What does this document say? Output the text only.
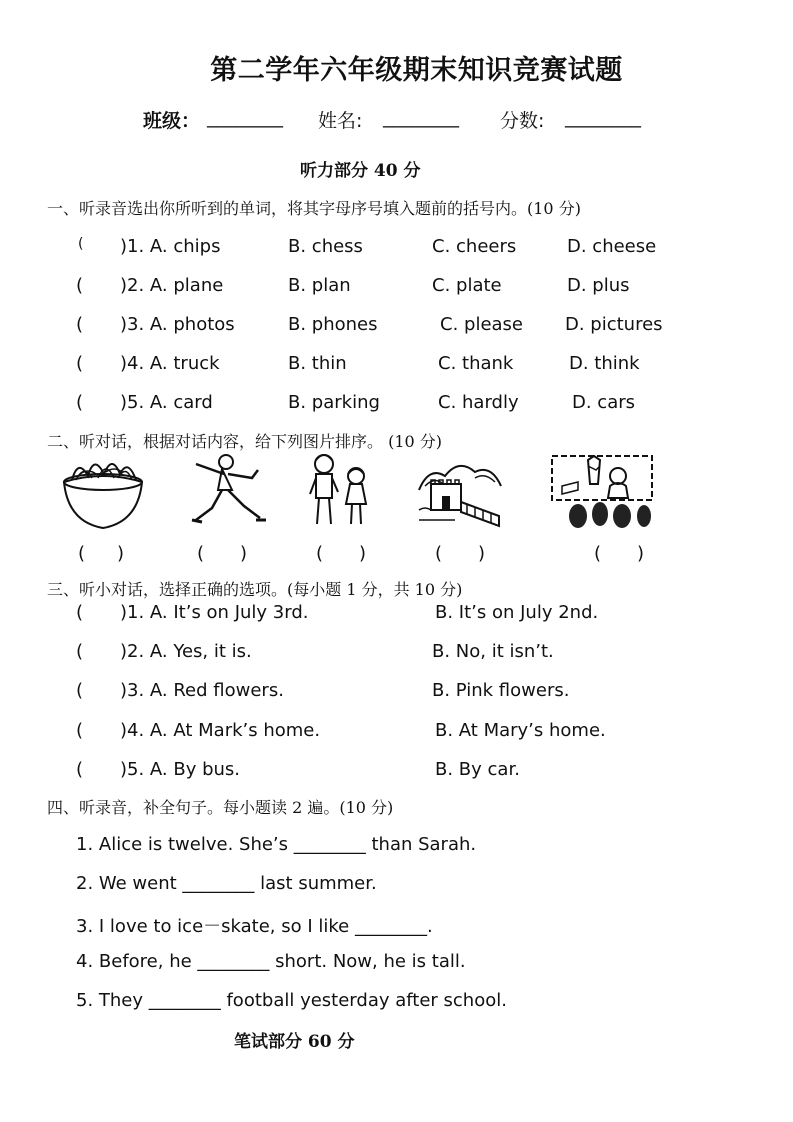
第二学年六年级期末知识竞赛试题
班级： ________ 姓名: ________ 分数: ________
听力部分 40 分
一、听录音选出你所听到的单词，将其字母序号填入题前的括号内。(10 分)
( )1. A. chips	B. chess	C. cheers	D. cheese
( )2. A. plane	B. plan	C. plate	D. plus
( )3. A. photos	B. phones	C. please D. pictures
( )4. A. truck	B. thin	C. thank	D. think
( )5. A. card	B. parking	C. hardly	D. cars
二、听对话，根据对话内容，给下列图片排序。 (10 分)
( )	( )	( )	( )	( )
三、听小对话，选择正确的选项。(每小题 1 分，共 10 分)
( )1. A. It’s on July 3rd.	B. It’s on July 2nd.
( )2. A. Yes, it is.	B. No, it isn’t.
( )3. A. Red flowers.	B. Pink flowers.
( )4. A. At Mark’s home.	B. At Mary’s home.
( )5. A. By bus.	B. By car.
四、听录音，补全句子。每小题读 2 遍。(10 分)
1. Alice is twelve. She’s ________ than Sarah.
2. We went ________ last summer.
3. I love to ice－skate, so I like ________.
4. Before, he ________ short. Now, he is tall.
5. They ________ football yesterday after school.
笔试部分 60 分
